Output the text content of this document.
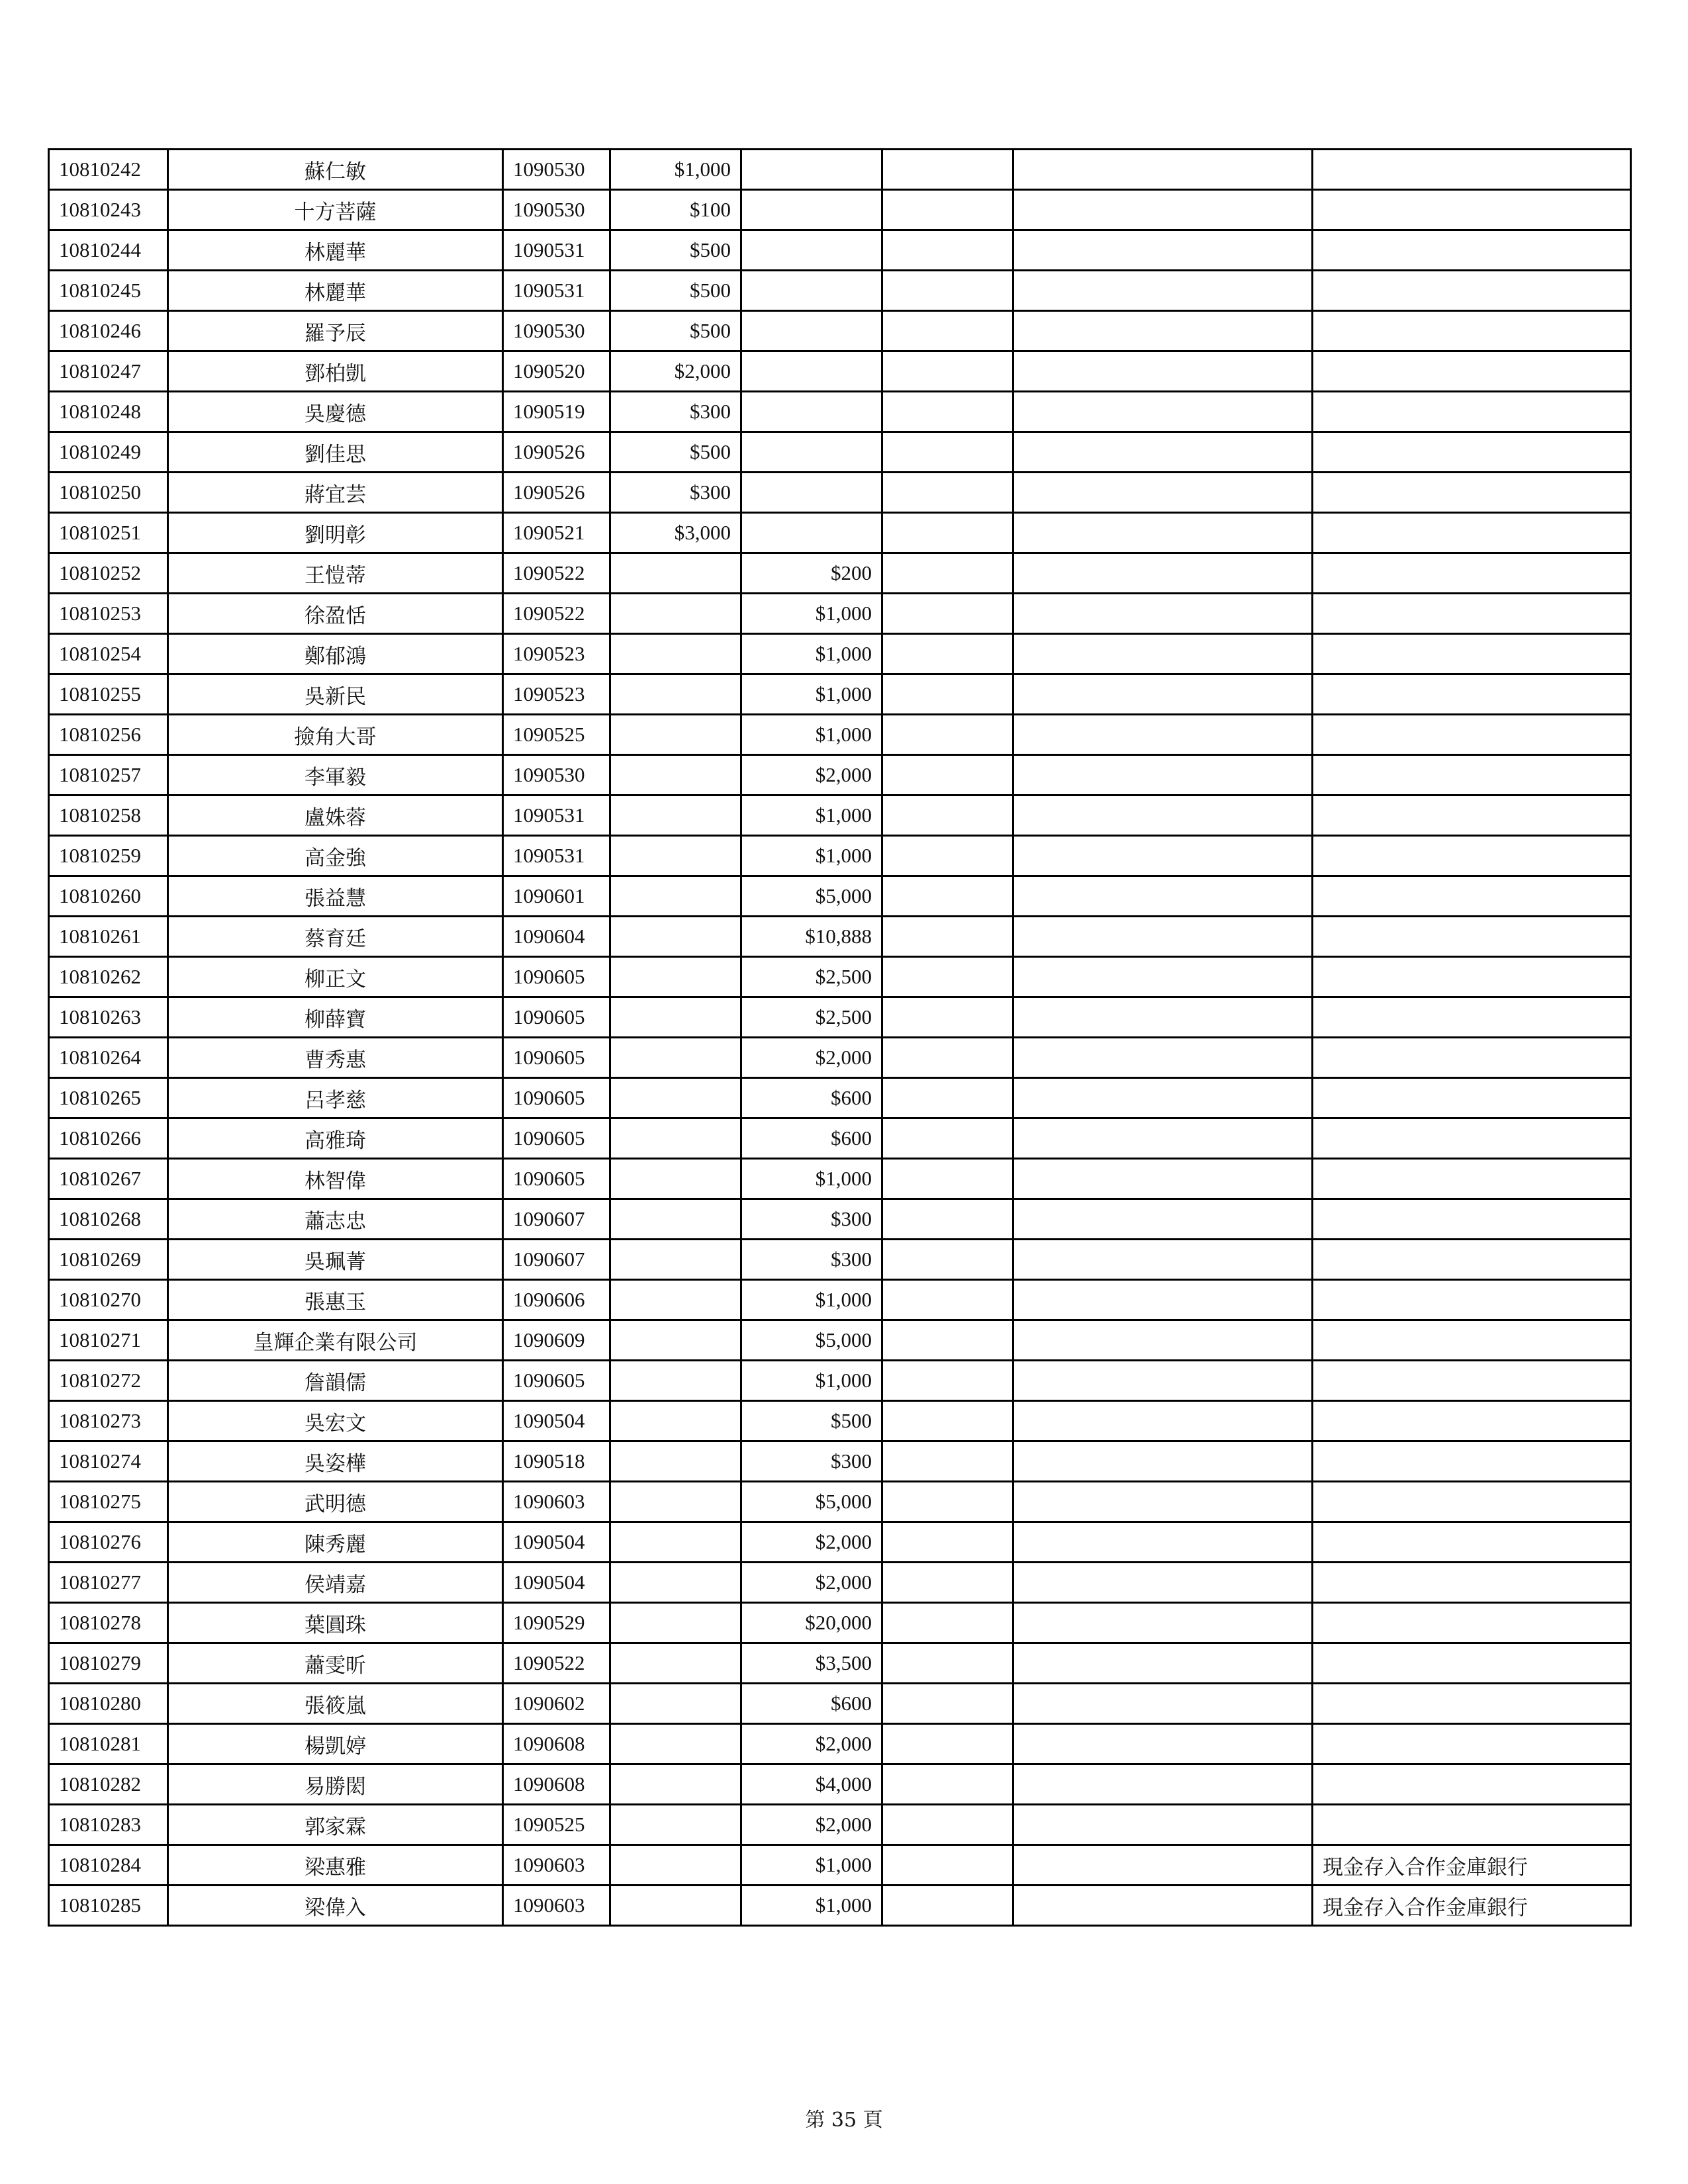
10810242	蘇仁敏	1090530	$1,000				
10810243	十方菩薩	1090530	$100				
10810244	林麗華	1090531	$500				
10810245	林麗華	1090531	$500				
10810246	羅予辰	1090530	$500				
10810247	鄧柏凱	1090520	$2,000				
10810248	吳慶德	1090519	$300				
10810249	劉佳思	1090526	$500				
10810250	蔣宜芸	1090526	$300				
10810251	劉明彰	1090521	$3,000				
10810252	王愷蒂	1090522		$200			
10810253	徐盈恬	1090522		$1,000			
10810254	鄭郁鴻	1090523		$1,000			
10810255	吳新民	1090523		$1,000			
10810256	撿角大哥	1090525		$1,000			
10810257	李軍毅	1090530		$2,000			
10810258	盧姝蓉	1090531		$1,000			
10810259	高金強	1090531		$1,000			
10810260	張益慧	1090601		$5,000			
10810261	蔡育廷	1090604		$10,888			
10810262	柳正文	1090605		$2,500			
10810263	柳薛寶	1090605		$2,500			
10810264	曹秀惠	1090605		$2,000			
10810265	呂孝慈	1090605		$600			
10810266	高雅琦	1090605		$600			
10810267	林智偉	1090605		$1,000			
10810268	蕭志忠	1090607		$300			
10810269	吳珮菁	1090607		$300			
10810270	張惠玉	1090606		$1,000			
10810271	皇輝企業有限公司	1090609		$5,000			
10810272	詹韻儒	1090605		$1,000			
10810273	吳宏文	1090504		$500			
10810274	吳姿樺	1090518		$300			
10810275	武明德	1090603		$5,000			
10810276	陳秀麗	1090504		$2,000			
10810277	侯靖嘉	1090504		$2,000			
10810278	葉圓珠	1090529		$20,000			
10810279	蕭雯昕	1090522		$3,500			
10810280	張筱嵐	1090602		$600			
10810281	楊凱婷	1090608		$2,000			
10810282	易勝閎	1090608		$4,000			
10810283	郭家霖	1090525		$2,000			
10810284	梁惠雅	1090603		$1,000			現金存入合作金庫銀行
10810285	梁偉入	1090603		$1,000			現金存入合作金庫銀行
第 35 頁
